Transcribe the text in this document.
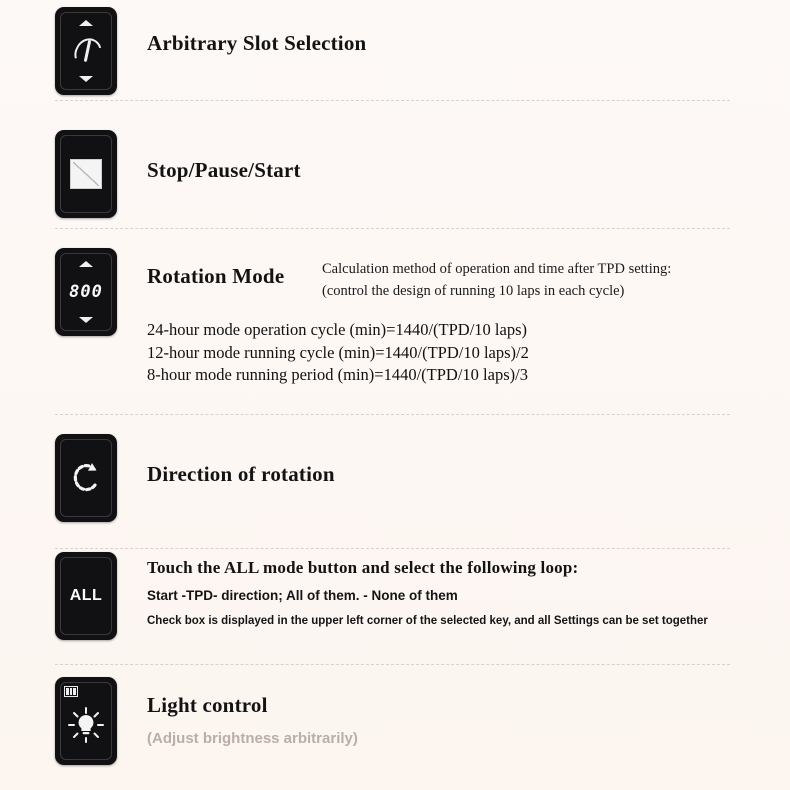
Arbitrary Slot Selection
Stop/Pause/Start
800
Rotation Mode	Calculation method of operation and time after TPD setting:
(control the design of running 10 laps in each cycle)
24-hour mode operation cycle (min)=1440/(TPD/10 laps)
12-hour mode running cycle (min)=1440/(TPD/10 laps)/2
8-hour mode running period (min)=1440/(TPD/10 laps)/3
Direction of rotation
ALL
Touch the ALL mode button and select the following loop:
Start -TPD- direction; All of them. - None of them
Check box is displayed in the upper left corner of the selected key, and all Settings can be set together
Light control
(Adjust brightness arbitrarily)
